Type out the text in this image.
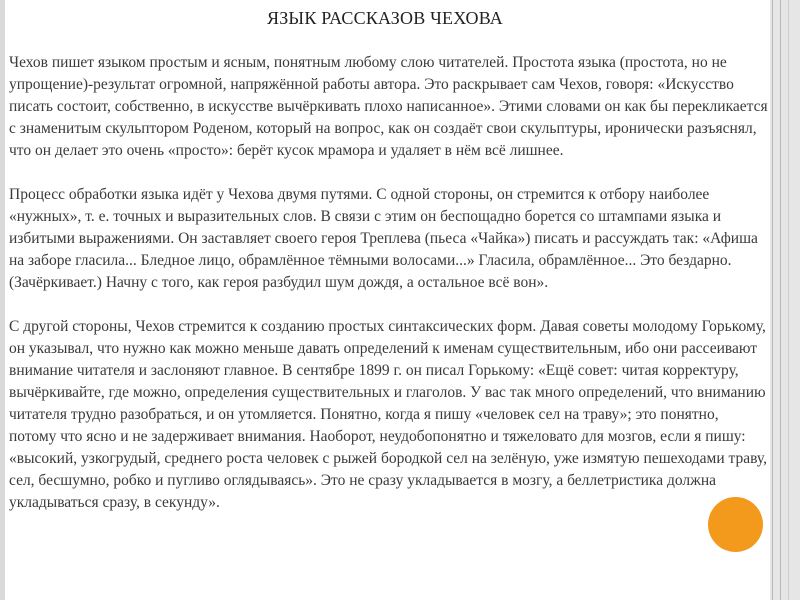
ЯЗЫК РАССКАЗОВ ЧЕХОВА

Чехов пишет языком простым и ясным, понятным любому слою читателей. Простота языка (простота, но не упрощение)-результат огромной, напряжённой работы автора. Это раскрывает сам Чехов, говоря: «Искусство писать состоит, собственно, в искусстве вычёркивать плохо написанное». Этими словами он как бы перекликается с знаменитым скульптором Роденом, который на вопрос, как он создаёт свои скульптуры, иронически разъяснял, что он делает это очень «просто»: берёт кусок мрамора и удаляет в нём всё лишнее.

Процесс обработки языка идёт у Чехова двумя путями. С одной стороны, он стремится к отбору наиболее «нужных», т. е. точных и выразительных слов. В связи с этим он беспощадно борется со штампами языка и избитыми выражениями. Он заставляет своего героя Треплева (пьеса «Чайка») писать и рассуждать так: «Афиша на заборе гласила... Бледное лицо, обрамлённое тёмными волосами...» Гласила, обрамлённое... Это бездарно. (Зачёркивает.) Начну с того, как героя разбудил шум дождя, а остальное всё вон».

С другой стороны, Чехов стремится к созданию простых синтаксических форм. Давая советы молодому Горькому, он указывал, что нужно как можно меньше давать определений к именам существительным, ибо они рассеивают внимание читателя и заслоняют главное. В сентябре 1899 г. он писал Горькому: «Ещё совет: читая корректуру, вычёркивайте, где можно, определения существительных и глаголов. У вас так много определений, что вниманию читателя трудно разобраться, и он утомляется. Понятно, когда я пишу «человек сел на траву»; это понятно, потому что ясно и не задерживает внимания. Наоборот, неудобопонятно и тяжеловато для мозгов, если я пишу: «высокий, узкогрудый, среднего роста человек с рыжей бородкой сел на зелёную, уже измятую пешеходами траву, сел, бесшумно, робко и пугливо оглядываясь». Это не сразу укладывается в мозгу, а беллетристика должна укладываться сразу, в секунду».
